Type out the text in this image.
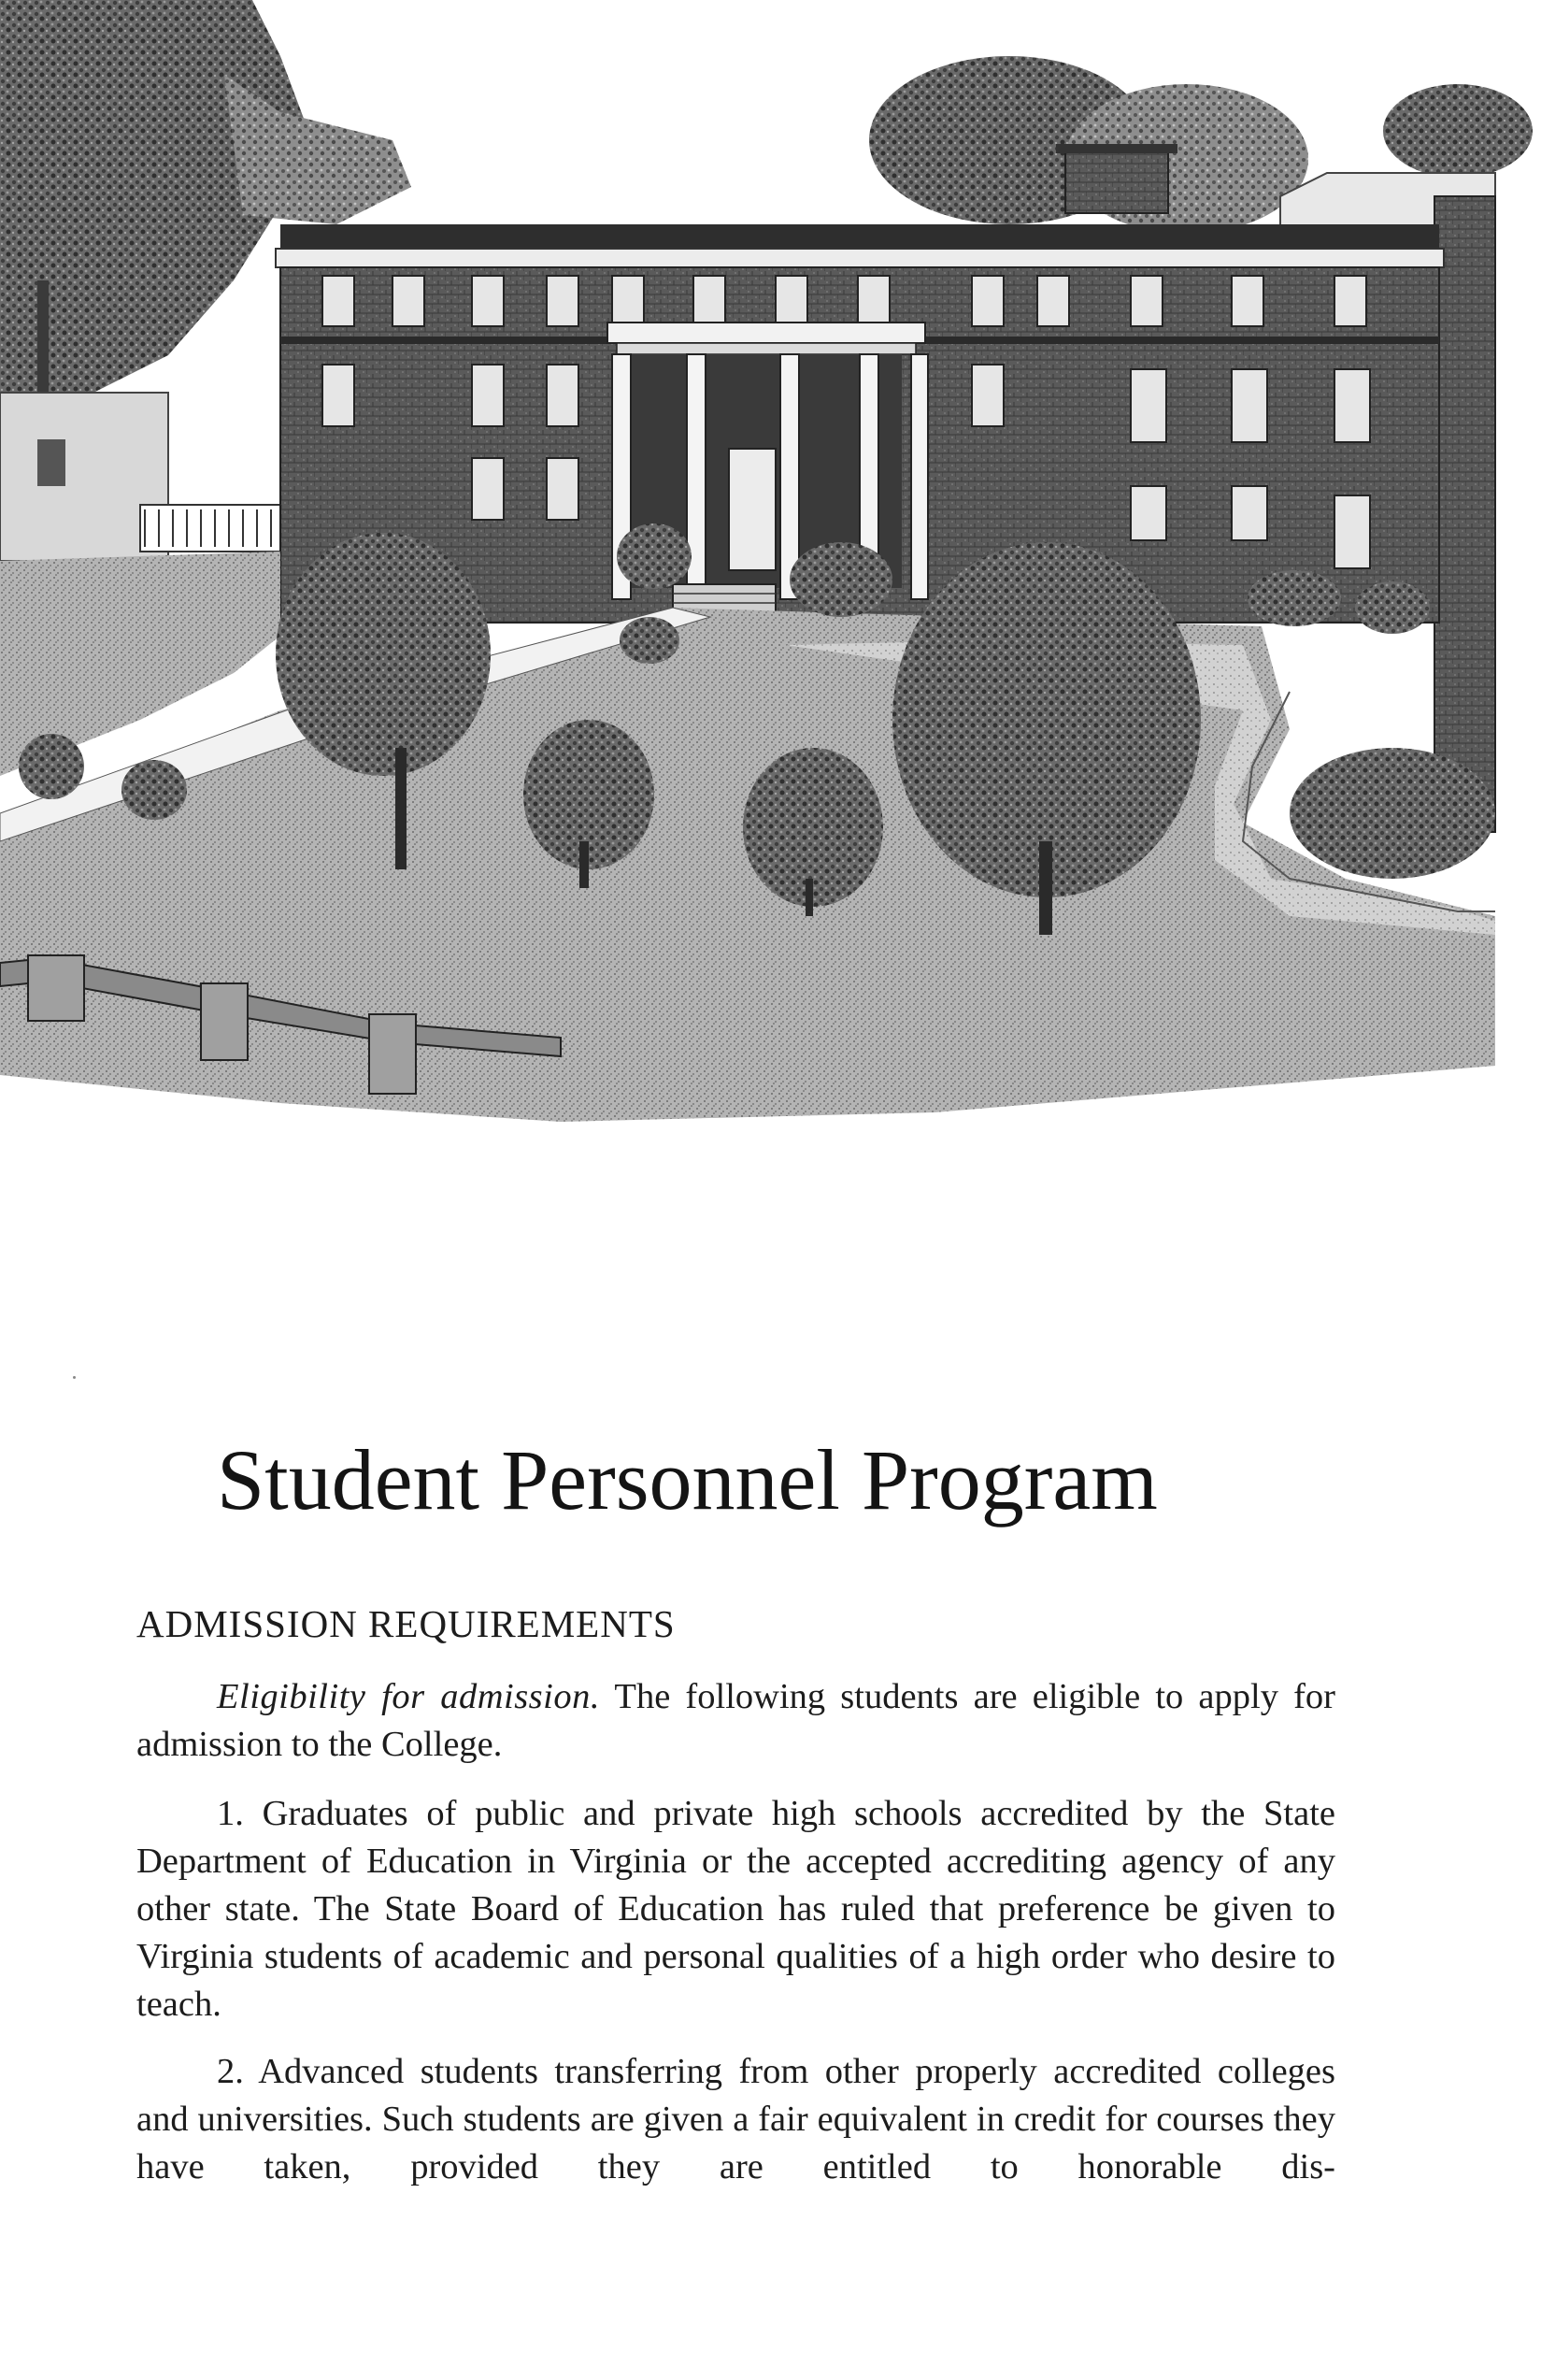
Student Personnel Program
ADMISSION REQUIREMENTS

Eligibility for admission. The following students are eligible to apply for admission to the College.

1. Graduates of public and private high schools accredited by the State Department of Education in Virginia or the accepted accrediting agency of any other state. The State Board of Education has ruled that preference be given to Virginia students of academic and personal qualities of a high order who desire to teach.

2. Advanced students transferring from other properly accredited colleges and universities. Such students are given a fair equivalent in credit for courses they have taken, provided they are entitled to honorable dis-
